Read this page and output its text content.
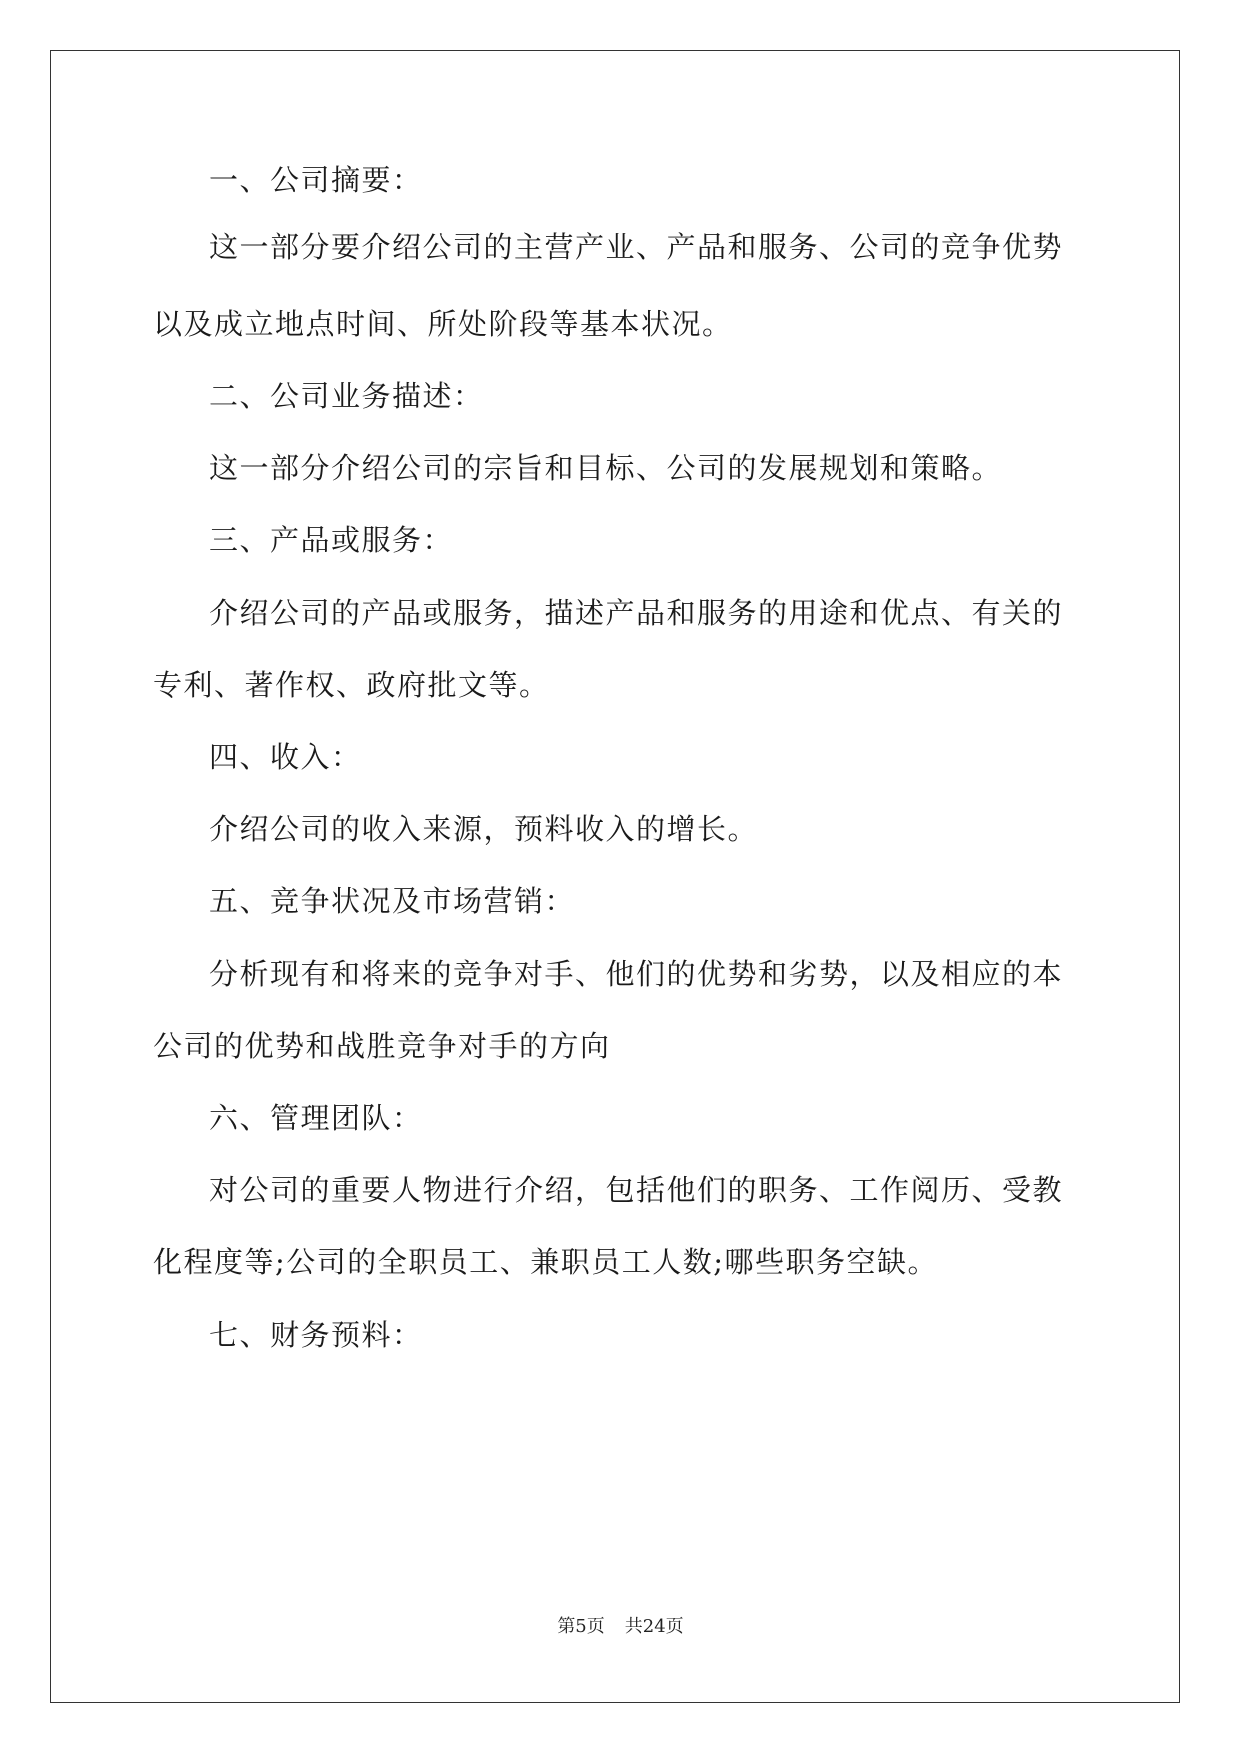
一、公司摘要：
这一部分要介绍公司的主营产业、产品和服务、公司的竞争优势
以及成立地点时间、所处阶段等基本状况。
二、公司业务描述：
这一部分介绍公司的宗旨和目标、公司的发展规划和策略。
三、产品或服务：
介绍公司的产品或服务，描述产品和服务的用途和优点、有关的
专利、著作权、政府批文等。
四、收入：
介绍公司的收入来源，预料收入的增长。
五、竞争状况及市场营销：
分析现有和将来的竞争对手、他们的优势和劣势，以及相应的本
公司的优势和战胜竞争对手的方向
六、管理团队：
对公司的重要人物进行介绍，包括他们的职务、工作阅历、受教
化程度等;公司的全职员工、兼职员工人数;哪些职务空缺。
七、财务预料：
第5页 共24页
